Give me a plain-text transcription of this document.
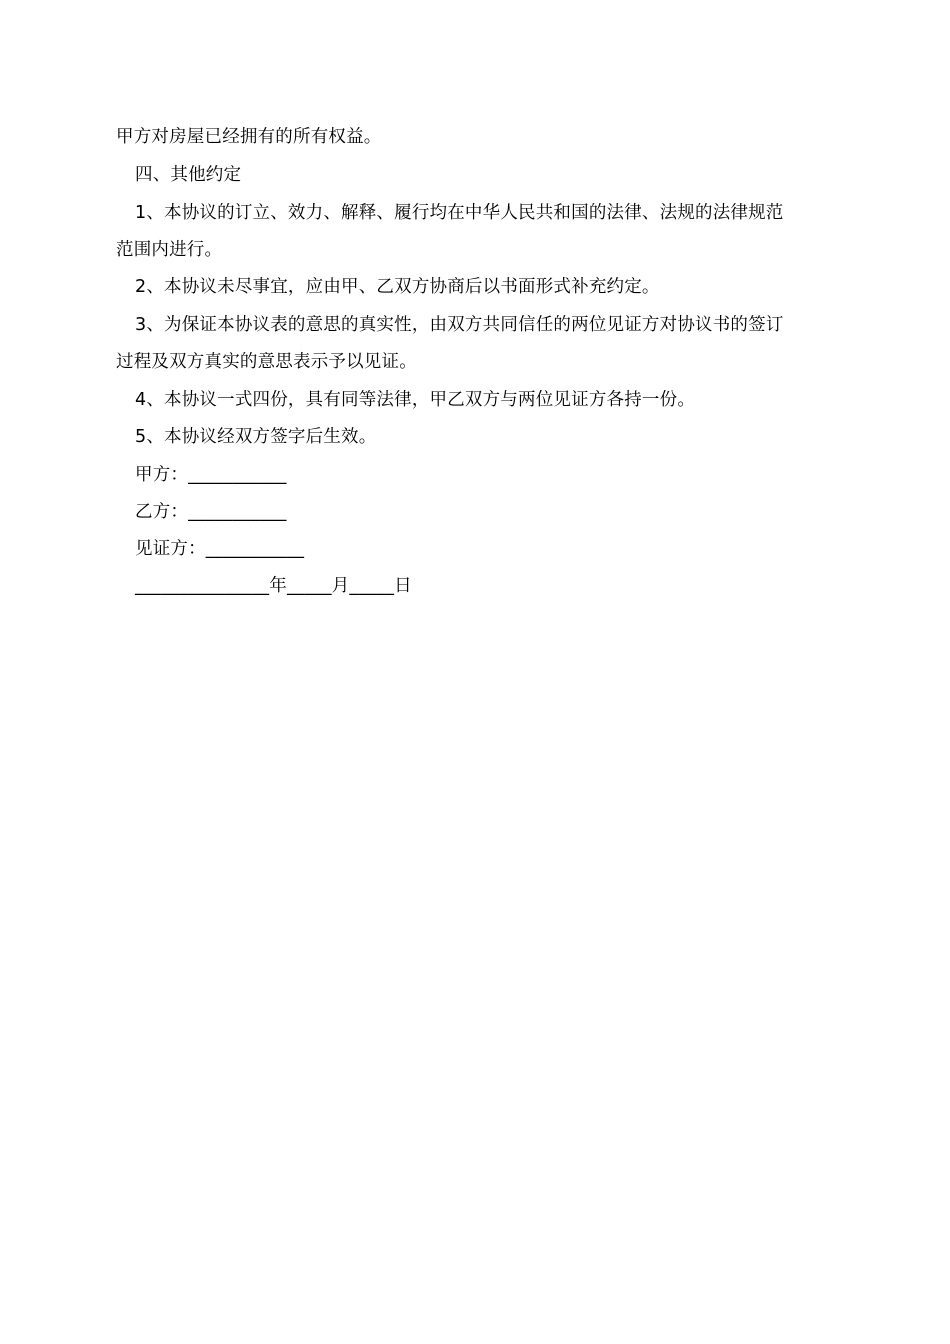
甲方对房屋已经拥有的所有权益。
四、其他约定
1、本协议的订立、效力、解释、履行均在中华人民共和国的法律、法规的法律规范
范围内进行。
2、本协议未尽事宜，应由甲、乙双方协商后以书面形式补充约定。
3、为保证本协议表的意思的真实性，由双方共同信任的两位见证方对协议书的签订
过程及双方真实的意思表示予以见证。
4、本协议一式四份，具有同等法律，甲乙双方与两位见证方各持一份。
5、本协议经双方签字后生效。
甲方：___________
乙方：___________
见证方：___________
_______________年_____月_____日
